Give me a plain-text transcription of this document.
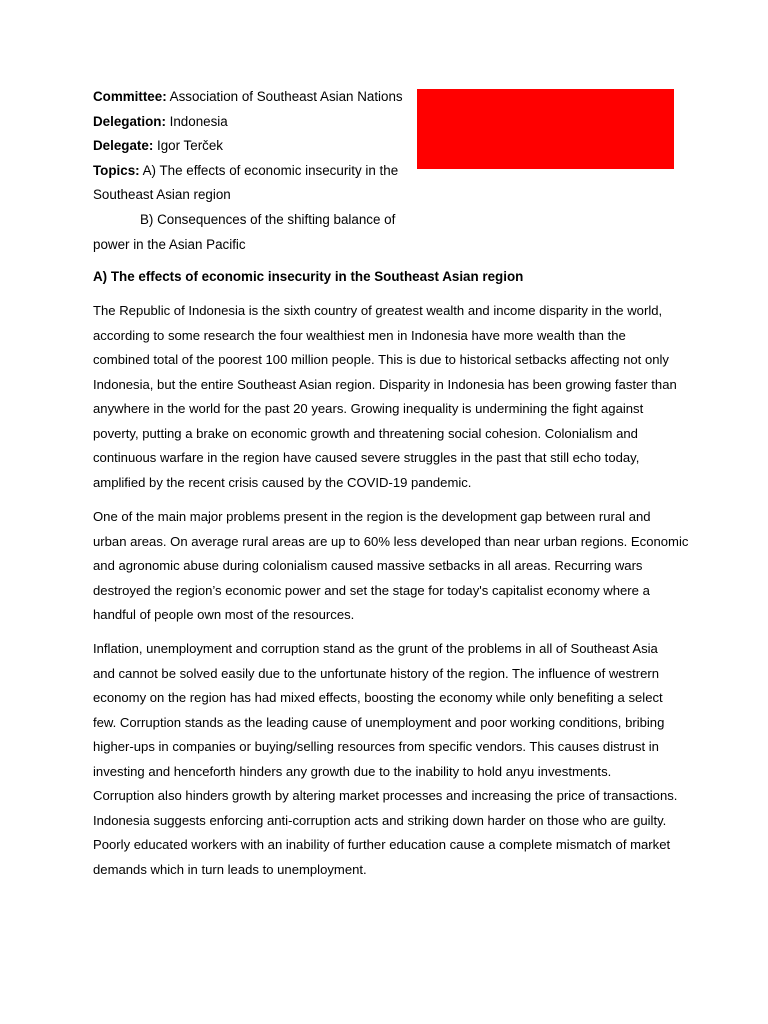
Committee: Association of Southeast Asian Nations
Delegation: Indonesia
Delegate: Igor Terček
Topics: A) The effects of economic insecurity in the
Southeast Asian region
B) Consequences of the shifting balance of
power in the Asian Pacific
A) The effects of economic insecurity in the Southeast Asian region
The Republic of Indonesia is the sixth country of greatest wealth and income disparity in the world,
according to some research the four wealthiest men in Indonesia have more wealth than the
combined total of the poorest 100 million people. This is due to historical setbacks affecting not only
Indonesia, but the entire Southeast Asian region. Disparity in Indonesia has been growing faster than
anywhere in the world for the past 20 years. Growing inequality is undermining the fight against
poverty, putting a brake on economic growth and threatening social cohesion. Colonialism and
continuous warfare in the region have caused severe struggles in the past that still echo today,
amplified by the recent crisis caused by the COVID-19 pandemic.
One of the main major problems present in the region is the development gap between rural and
urban areas. On average rural areas are up to 60% less developed than near urban regions. Economic
and agronomic abuse during colonialism caused massive setbacks in all areas. Recurring wars
destroyed the region’s economic power and set the stage for today's capitalist economy where a
handful of people own most of the resources.
Inflation, unemployment and corruption stand as the grunt of the problems in all of Southeast Asia
and cannot be solved easily due to the unfortunate history of the region. The influence of westrern
economy on the region has had mixed effects, boosting the economy while only benefiting a select
few. Corruption stands as the leading cause of unemployment and poor working conditions, bribing
higher-ups in companies or buying/selling resources from specific vendors. This causes distrust in
investing and henceforth hinders any growth due to the inability to hold anyu investments.
Corruption also hinders growth by altering market processes and increasing the price of transactions.
Indonesia suggests enforcing anti-corruption acts and striking down harder on those who are guilty.
Poorly educated workers with an inability of further education cause a complete mismatch of market
demands which in turn leads to unemployment.
